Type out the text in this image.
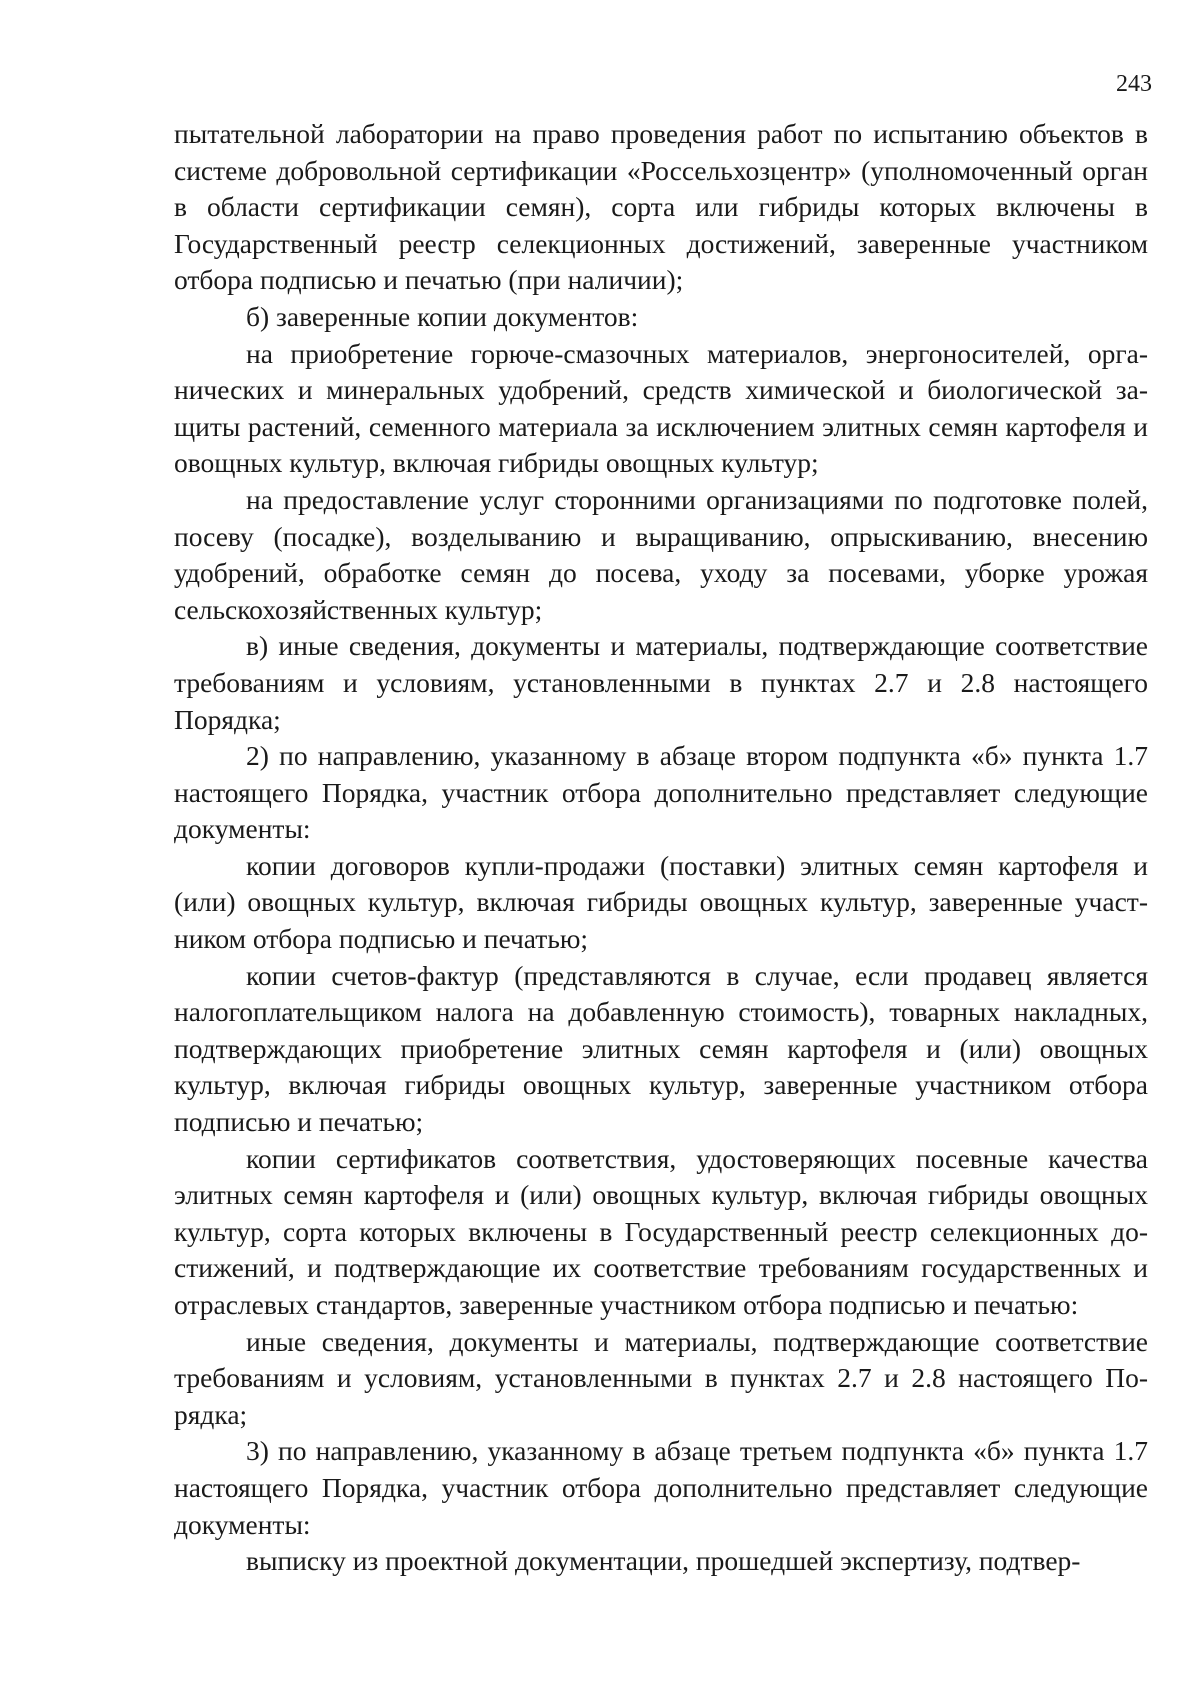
243

пытательной лаборатории на право проведения работ по испытанию объектов в системе добровольной сертификации «Россельхозцентр» (уполномоченный орган в области сертификации семян), сорта или гибриды которых включены в Государственный реестр селекционных достижений, заверенные участником отбора подписью и печатью (при наличии);

б) заверенные копии документов:

на приобретение горюче-смазочных материалов, энергоносителей, органических и минеральных удобрений, средств химической и биологической защиты растений, семенного материала за исключением элитных семян картофеля и овощных культур, включая гибриды овощных культур;

на предоставление услуг сторонними организациями по подготовке полей, посеву (посадке), возделыванию и выращиванию, опрыскиванию, внесению удобрений, обработке семян до посева, уходу за посевами, уборке урожая сельскохозяйственных культур;

в) иные сведения, документы и материалы, подтверждающие соответствие требованиям и условиям, установленными в пунктах 2.7 и 2.8 настоящего Порядка;

2) по направлению, указанному в абзаце втором подпункта «б» пункта 1.7 настоящего Порядка, участник отбора дополнительно представляет следующие документы:

копии договоров купли-продажи (поставки) элитных семян картофеля и (или) овощных культур, включая гибриды овощных культур, заверенные участником отбора подписью и печатью;

копии счетов-фактур (представляются в случае, если продавец является налогоплательщиком налога на добавленную стоимость), товарных накладных, подтверждающих приобретение элитных семян картофеля и (или) овощных культур, включая гибриды овощных культур, заверенные участником отбора подписью и печатью;

копии сертификатов соответствия, удостоверяющих посевные качества элитных семян картофеля и (или) овощных культур, включая гибриды овощных культур, сорта которых включены в Государственный реестр селекционных достижений, и подтверждающие их соответствие требованиям государственных и отраслевых стандартов, заверенные участником отбора подписью и печатью:

иные сведения, документы и материалы, подтверждающие соответствие требованиям и условиям, установленными в пунктах 2.7 и 2.8 настоящего Порядка;

3) по направлению, указанному в абзаце третьем подпункта «б» пункта 1.7 настоящего Порядка, участник отбора дополнительно представляет следующие документы:

выписку из проектной документации, прошедшей экспертизу, подтвер-
